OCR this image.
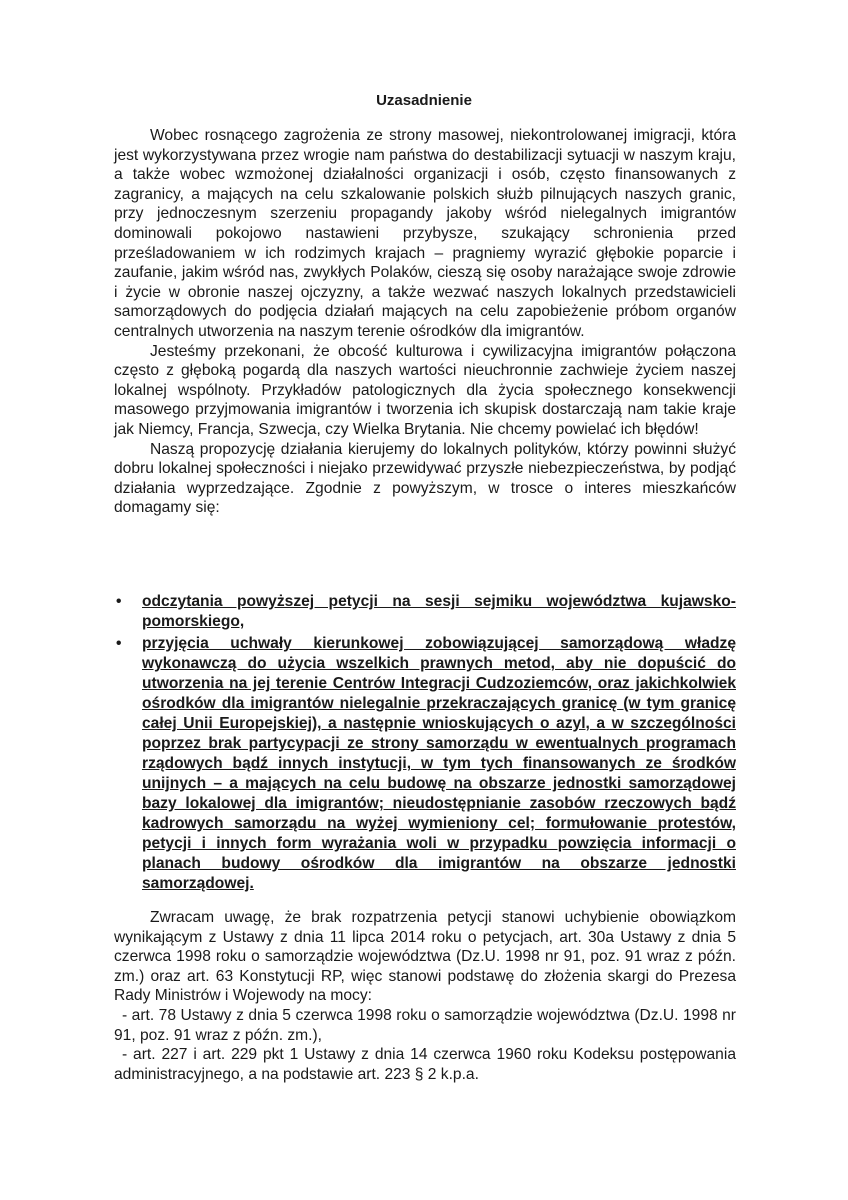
Uzasadnienie

Wobec rosnącego zagrożenia ze strony masowej, niekontrolowanej imigracji, która jest wykorzystywana przez wrogie nam państwa do destabilizacji sytuacji w naszym kraju, a także wobec wzmożonej działalności organizacji i osób, często finansowanych z zagranicy, a mających na celu szkalowanie polskich służb pilnujących naszych granic, przy jednoczesnym szerzeniu propagandy jakoby wśród nielegalnych imigrantów dominowali pokojowo nastawieni przybysze, szukający schronienia przed prześladowaniem w ich rodzimych krajach – pragniemy wyrazić głębokie poparcie i zaufanie, jakim wśród nas, zwykłych Polaków, cieszą się osoby narażające swoje zdrowie i życie w obronie naszej ojczyzny, a także wezwać naszych lokalnych przedstawicieli samorządowych do podjęcia działań mających na celu zapobieżenie próbom organów centralnych utworzenia na naszym terenie ośrodków dla imigrantów.

Jesteśmy przekonani, że obcość kulturowa i cywilizacyjna imigrantów połączona często z głęboką pogardą dla naszych wartości nieuchronnie zachwieje życiem naszej lokalnej wspólnoty. Przykładów patologicznych dla życia społecznego konsekwencji masowego przyjmowania imigrantów i tworzenia ich skupisk dostarczają nam takie kraje jak Niemcy, Francja, Szwecja, czy Wielka Brytania. Nie chcemy powielać ich błędów!

Naszą propozycję działania kierujemy do lokalnych polityków, którzy powinni służyć dobru lokalnej społeczności i niejako przewidywać przyszłe niebezpieczeństwa, by podjąć działania wyprzedzające. Zgodnie z powyższym, w trosce o interes mieszkańców domagamy się:

• odczytania powyższej petycji na sesji sejmiku województwa kujawsko-pomorskiego,
• przyjęcia uchwały kierunkowej zobowiązującej samorządową władzę wykonawczą do użycia wszelkich prawnych metod, aby nie dopuścić do utworzenia na jej terenie Centrów Integracji Cudzoziemców, oraz jakichkolwiek ośrodków dla imigrantów nielegalnie przekraczających granicę (w tym granicę całej Unii Europejskiej), a następnie wnioskujących o azyl, a w szczególności poprzez brak partycypacji ze strony samorządu w ewentualnych programach rządowych bądź innych instytucji, w tym tych finansowanych ze środków unijnych – a mających na celu budowę na obszarze jednostki samorządowej bazy lokalowej dla imigrantów; nieudostępnianie zasobów rzeczowych bądź kadrowych samorządu na wyżej wymieniony cel; formułowanie protestów, petycji i innych form wyrażania woli w przypadku powzięcia informacji o planach budowy ośrodków dla imigrantów na obszarze jednostki samorządowej.

Zwracam uwagę, że brak rozpatrzenia petycji stanowi uchybienie obowiązkom wynikającym z Ustawy z dnia 11 lipca 2014 roku o petycjach, art. 30a Ustawy z dnia 5 czerwca 1998 roku o samorządzie województwa (Dz.U. 1998 nr 91, poz. 91 wraz z późn. zm.) oraz art. 63 Konstytucji RP, więc stanowi podstawę do złożenia skargi do Prezesa Rady Ministrów i Wojewody na mocy:

- art. 78 Ustawy z dnia 5 czerwca 1998 roku o samorządzie województwa (Dz.U. 1998 nr 91, poz. 91 wraz z późn. zm.),

- art. 227 i art. 229 pkt 1 Ustawy z dnia 14 czerwca 1960 roku Kodeksu postępowania administracyjnego, a na podstawie art. 223 § 2 k.p.a.
